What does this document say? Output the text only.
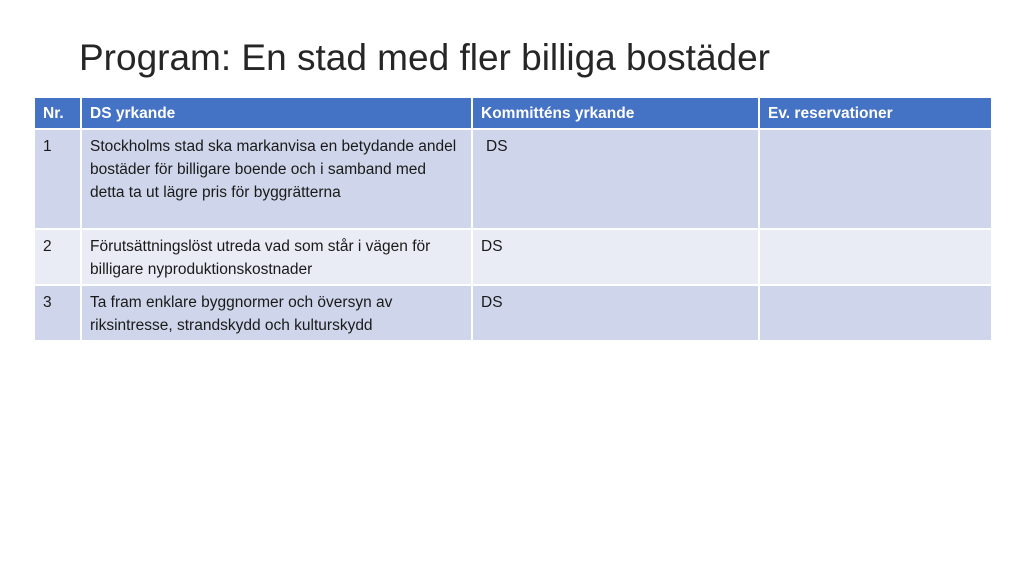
Program: En stad med fler billiga bostäder
Nr.	DS yrkande	Kommitténs yrkande	Ev. reservationer
1	Stockholms stad ska markanvisa en betydande andel bostäder för billigare boende och i samband med detta ta ut lägre pris för byggrätterna	DS	
2	Förutsättningslöst utreda vad som står i vägen för billigare nyproduktionskostnader	DS	
3	Ta fram enklare byggnormer och översyn av riksintresse, strandskydd och kulturskydd	DS	
